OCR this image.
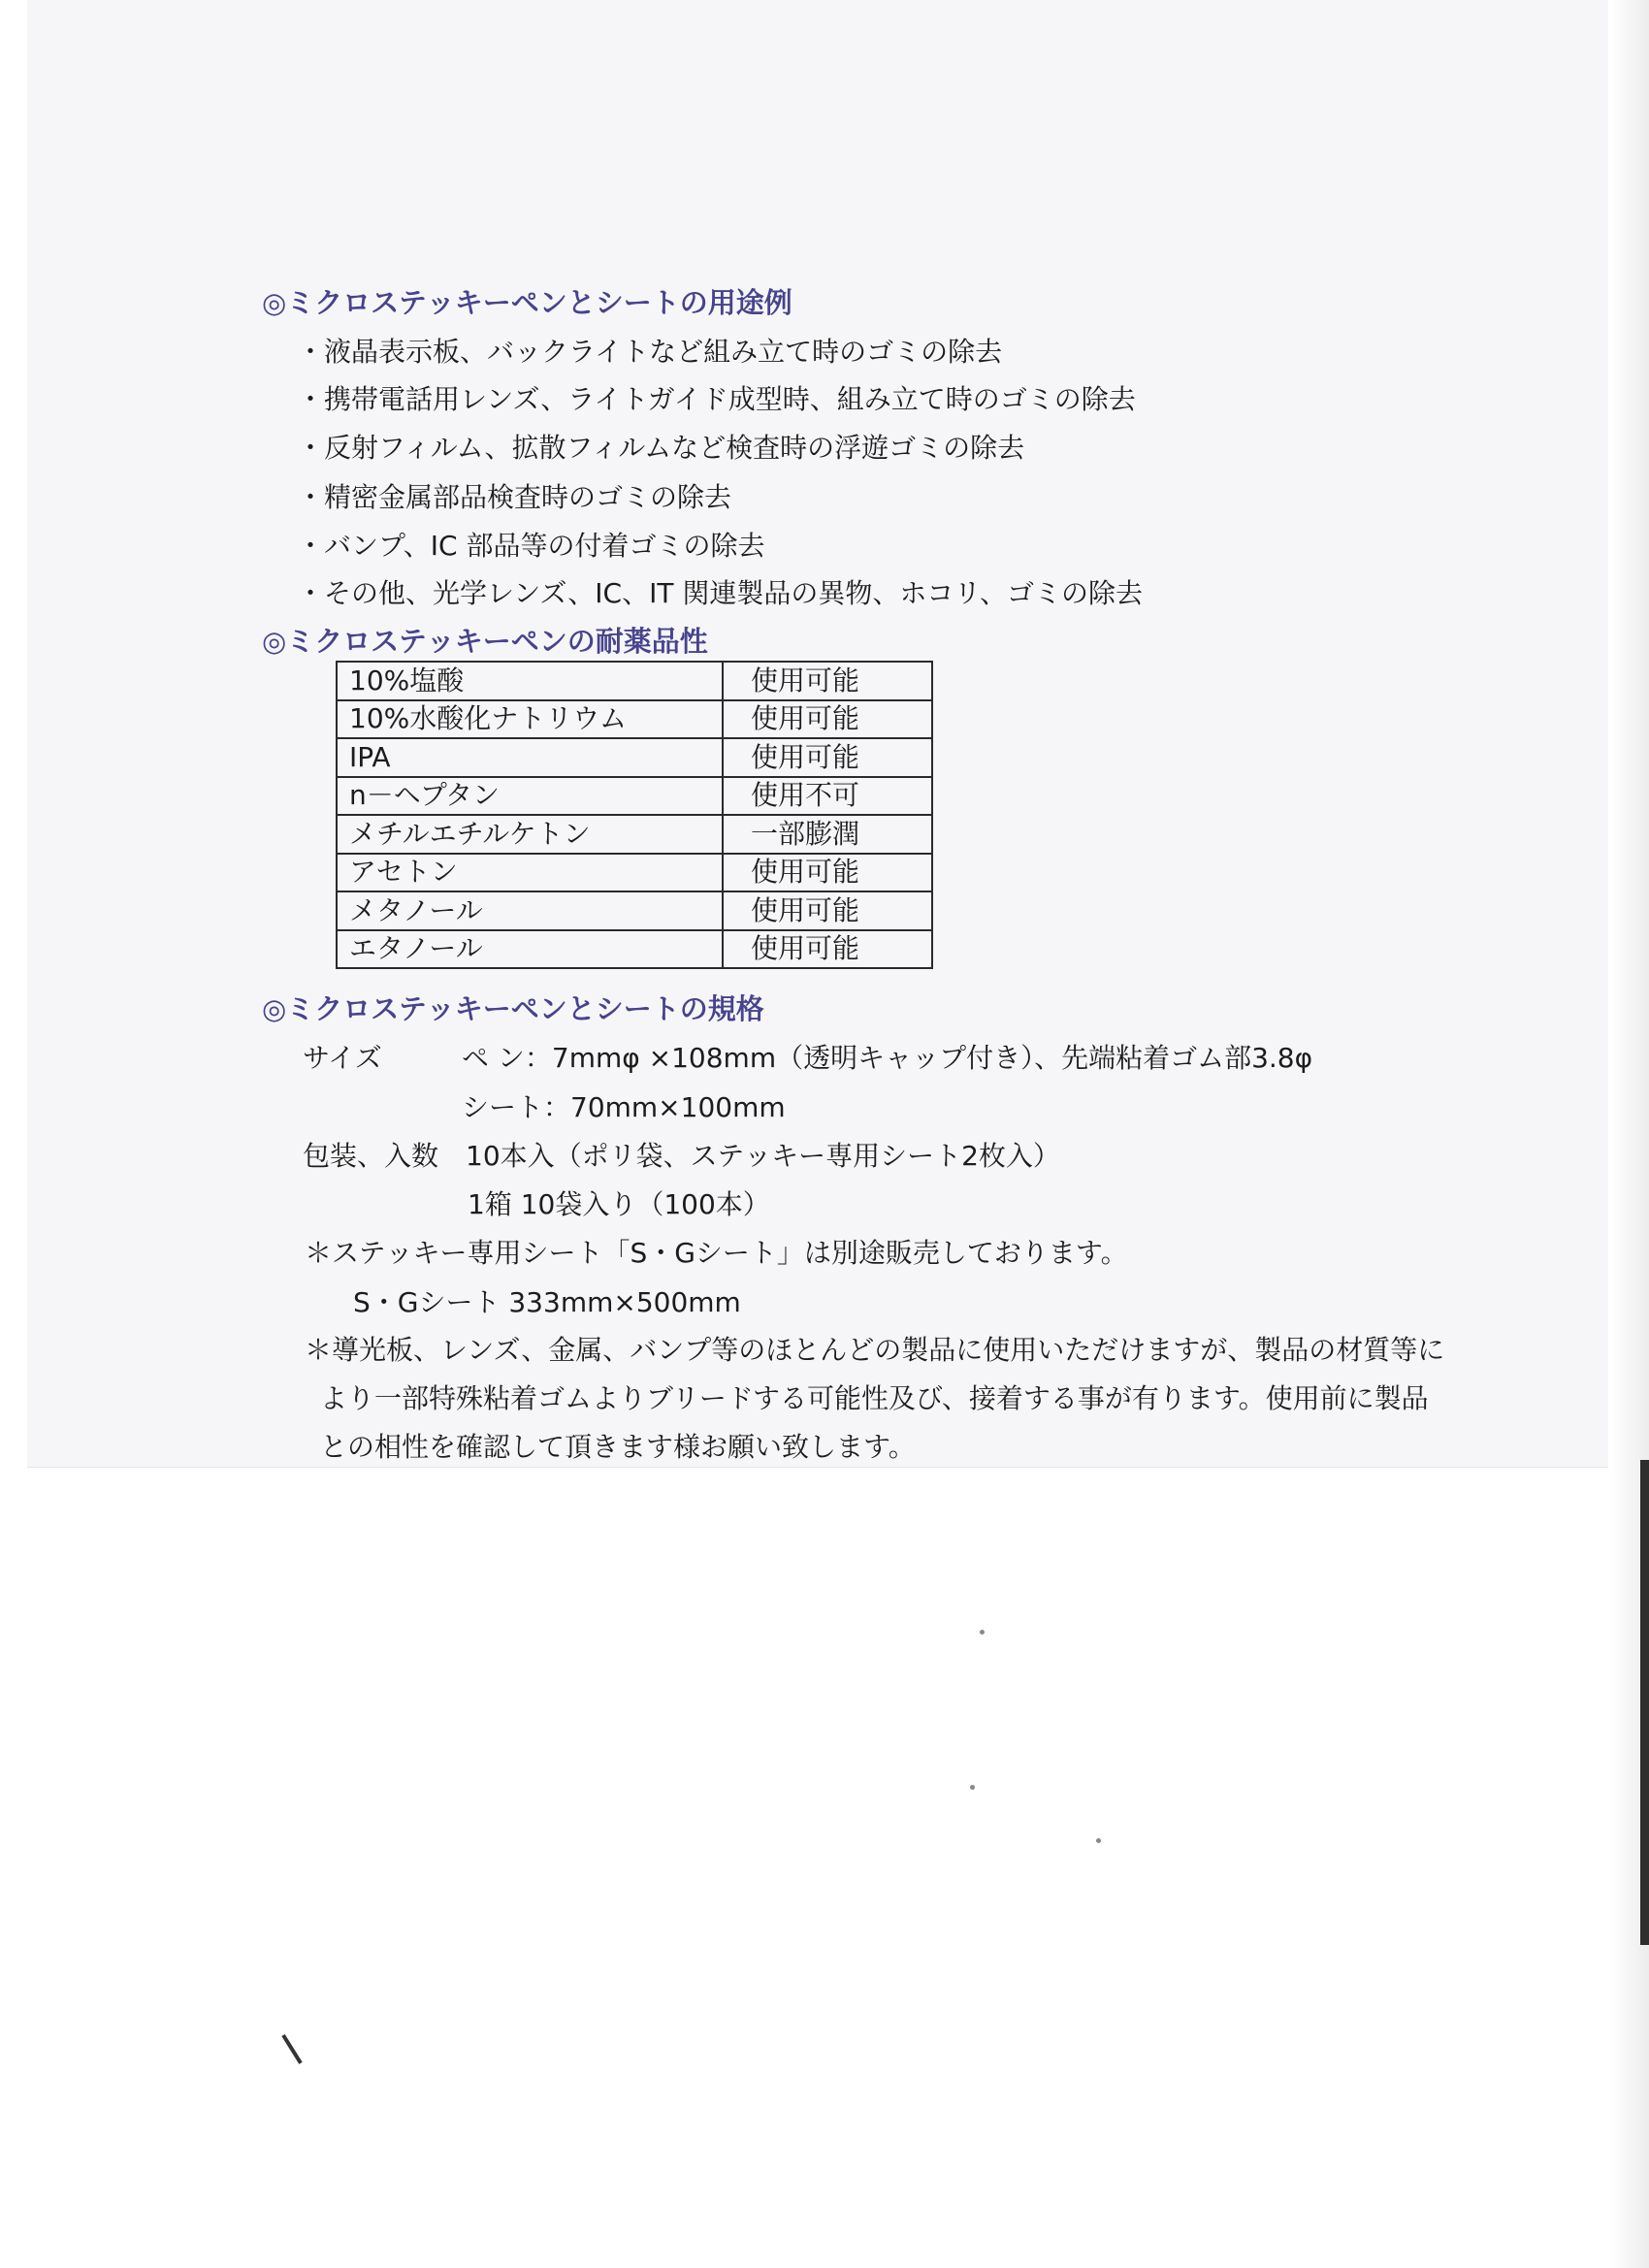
◎ミクロステッキーペンとシートの用途例
・液晶表示板、バックライトなど組み立て時のゴミの除去
・携帯電話用レンズ、ライトガイド成型時、組み立て時のゴミの除去
・反射フィルム、拡散フィルムなど検査時の浮遊ゴミの除去
・精密金属部品検査時のゴミの除去
・バンプ、IC 部品等の付着ゴミの除去
・その他、光学レンズ、IC、IT 関連製品の異物、ホコリ、ゴミの除去
◎ミクロステッキーペンの耐薬品性
10%塩酸	使用可能
10%水酸化ナトリウム	使用可能
IPA	使用可能
n－ヘプタン	使用不可
メチルエチルケトン	一部膨潤
アセトン	使用可能
メタノール	使用可能
エタノール	使用可能
◎ミクロステッキーペンとシートの規格
サイズ	ペ ン：7mmφ ×108mm（透明キャップ付き）、先端粘着ゴム部3.8φ
シート：70mm×100mm
包装、入数 10本入（ポリ袋、ステッキー専用シート2枚入）
1箱 10袋入り（100本）
＊ステッキー専用シート「S・Gシート」は別途販売しております。
S・Gシート 333mm×500mm
＊導光板、レンズ、金属、バンプ等のほとんどの製品に使用いただけますが、製品の材質等に
より一部特殊粘着ゴムよりブリードする可能性及び、接着する事が有ります。使用前に製品
との相性を確認して頂きます様お願い致します。
